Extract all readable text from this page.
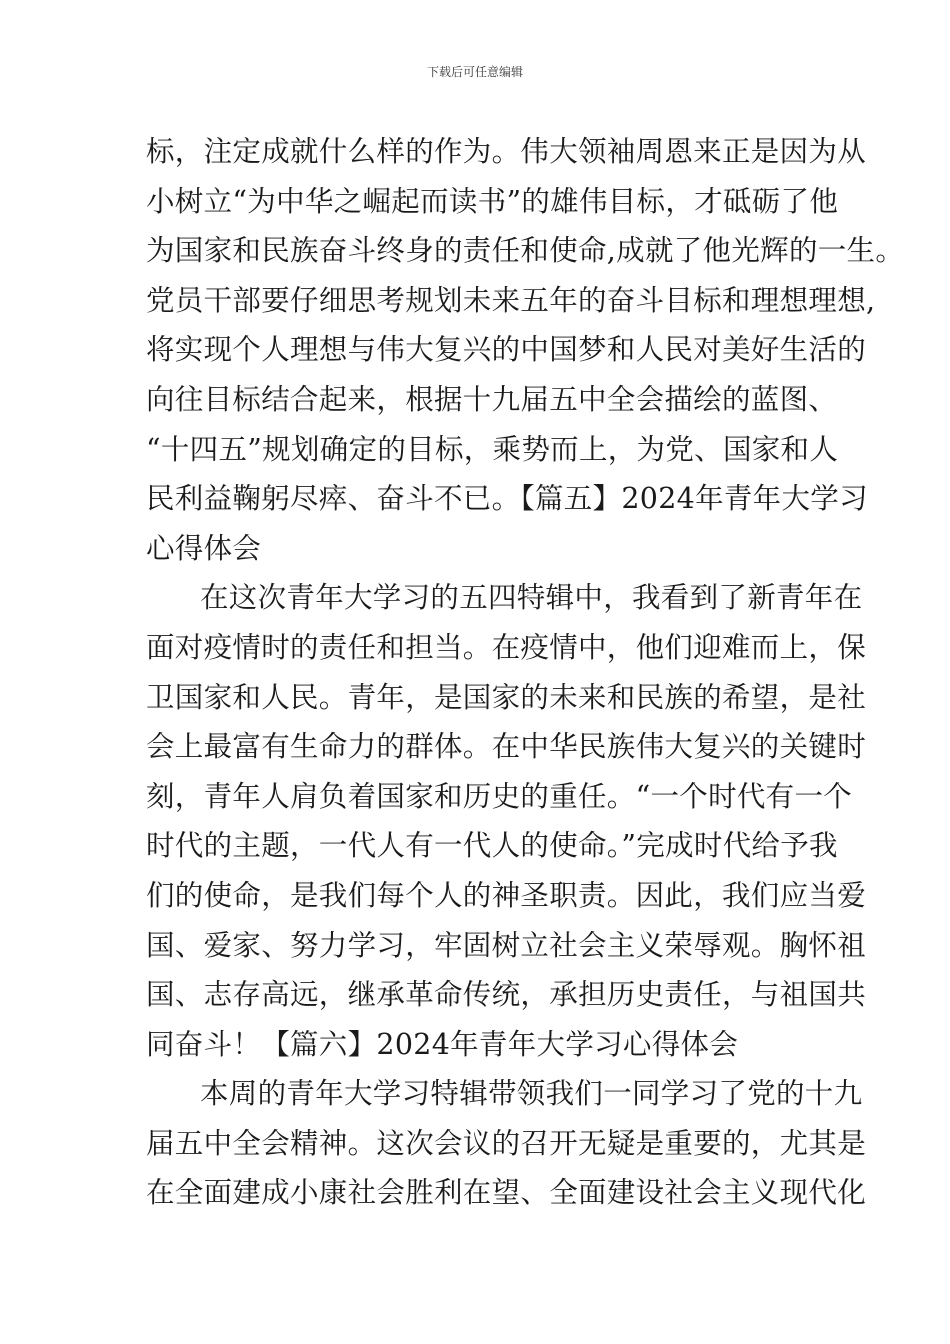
下载后可任意编辑
标，注定成就什么样的作为。伟大领袖周恩来正是因为从
小树立“为中华之崛起而读书”的雄伟目标，才砥砺了他
为国家和民族奋斗终身的责任和使命,成就了他光辉的一生。
党员干部要仔细思考规划未来五年的奋斗目标和理想理想,
将实现个人理想与伟大复兴的中国梦和人民对美好生活的
向往目标结合起来，根据十九届五中全会描绘的蓝图、
“十四五”规划确定的目标，乘势而上，为党、国家和人
民利益鞠躬尽瘁、奋斗不已。【篇五】2024年青年大学习
心得体会
在这次青年大学习的五四特辑中，我看到了新青年在
面对疫情时的责任和担当。在疫情中，他们迎难而上，保
卫国家和人民。青年，是国家的未来和民族的希望，是社
会上最富有生命力的群体。在中华民族伟大复兴的关键时
刻，青年人肩负着国家和历史的重任。“一个时代有一个
时代的主题，一代人有一代人的使命。”完成时代给予我
们的使命，是我们每个人的神圣职责。因此，我们应当爱
国、爱家、努力学习，牢固树立社会主义荣辱观。胸怀祖
国、志存高远，继承革命传统，承担历史责任，与祖国共
同奋斗！【篇六】2024年青年大学习心得体会
本周的青年大学习特辑带领我们一同学习了党的十九
届五中全会精神。这次会议的召开无疑是重要的，尤其是
在全面建成小康社会胜利在望、全面建设社会主义现代化
